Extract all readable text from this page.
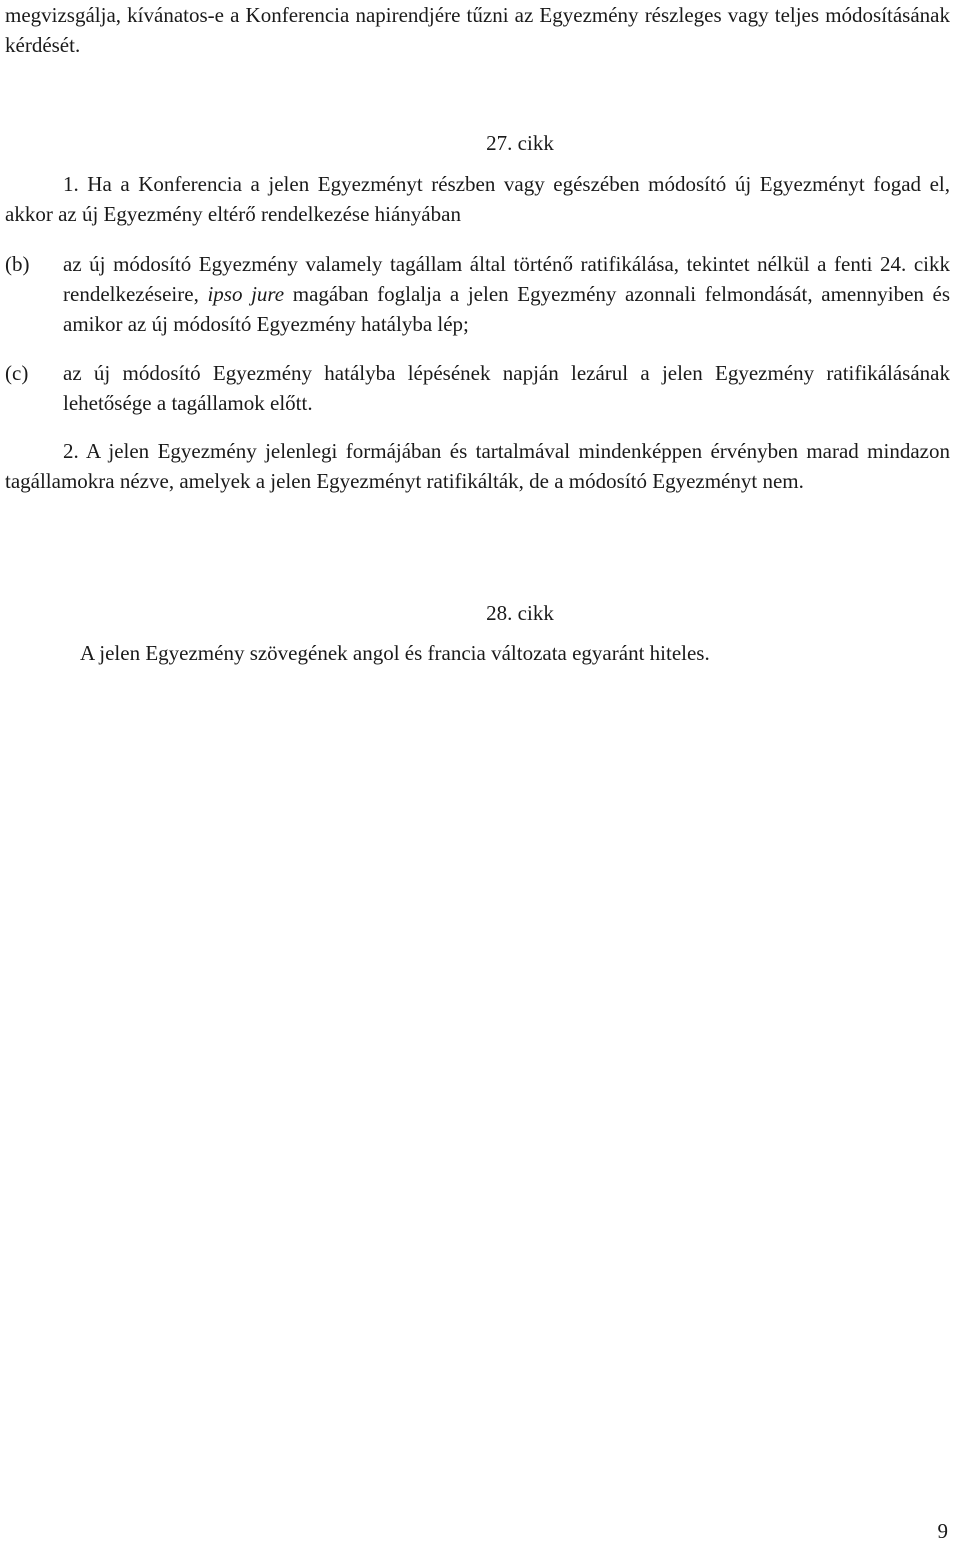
megvizsgálja, kívánatos-e a Konferencia napirendjére tűzni az Egyezmény részleges vagy teljes módosításának kérdését.

27. cikk

1. Ha a Konferencia a jelen Egyezményt részben vagy egészében módosító új Egyezményt fogad el, akkor az új Egyezmény eltérő rendelkezése hiányában

(b)	az új módosító Egyezmény valamely tagállam által történő ratifikálása, tekintet nélkül a fenti 24. cikk rendelkezéseire, ipso jure magában foglalja a jelen Egyezmény azonnali felmondását, amennyiben és amikor az új módosító Egyezmény hatályba lép;
(c)	az új módosító Egyezmény hatályba lépésének napján lezárul a jelen Egyezmény ratifikálásának lehetősége a tagállamok előtt.

2. A jelen Egyezmény jelenlegi formájában és tartalmával mindenképpen érvényben marad mindazon tagállamokra nézve, amelyek a jelen Egyezményt ratifikálták, de a módosító Egyezményt nem.

28. cikk

A jelen Egyezmény szövegének angol és francia változata egyaránt hiteles.

9
